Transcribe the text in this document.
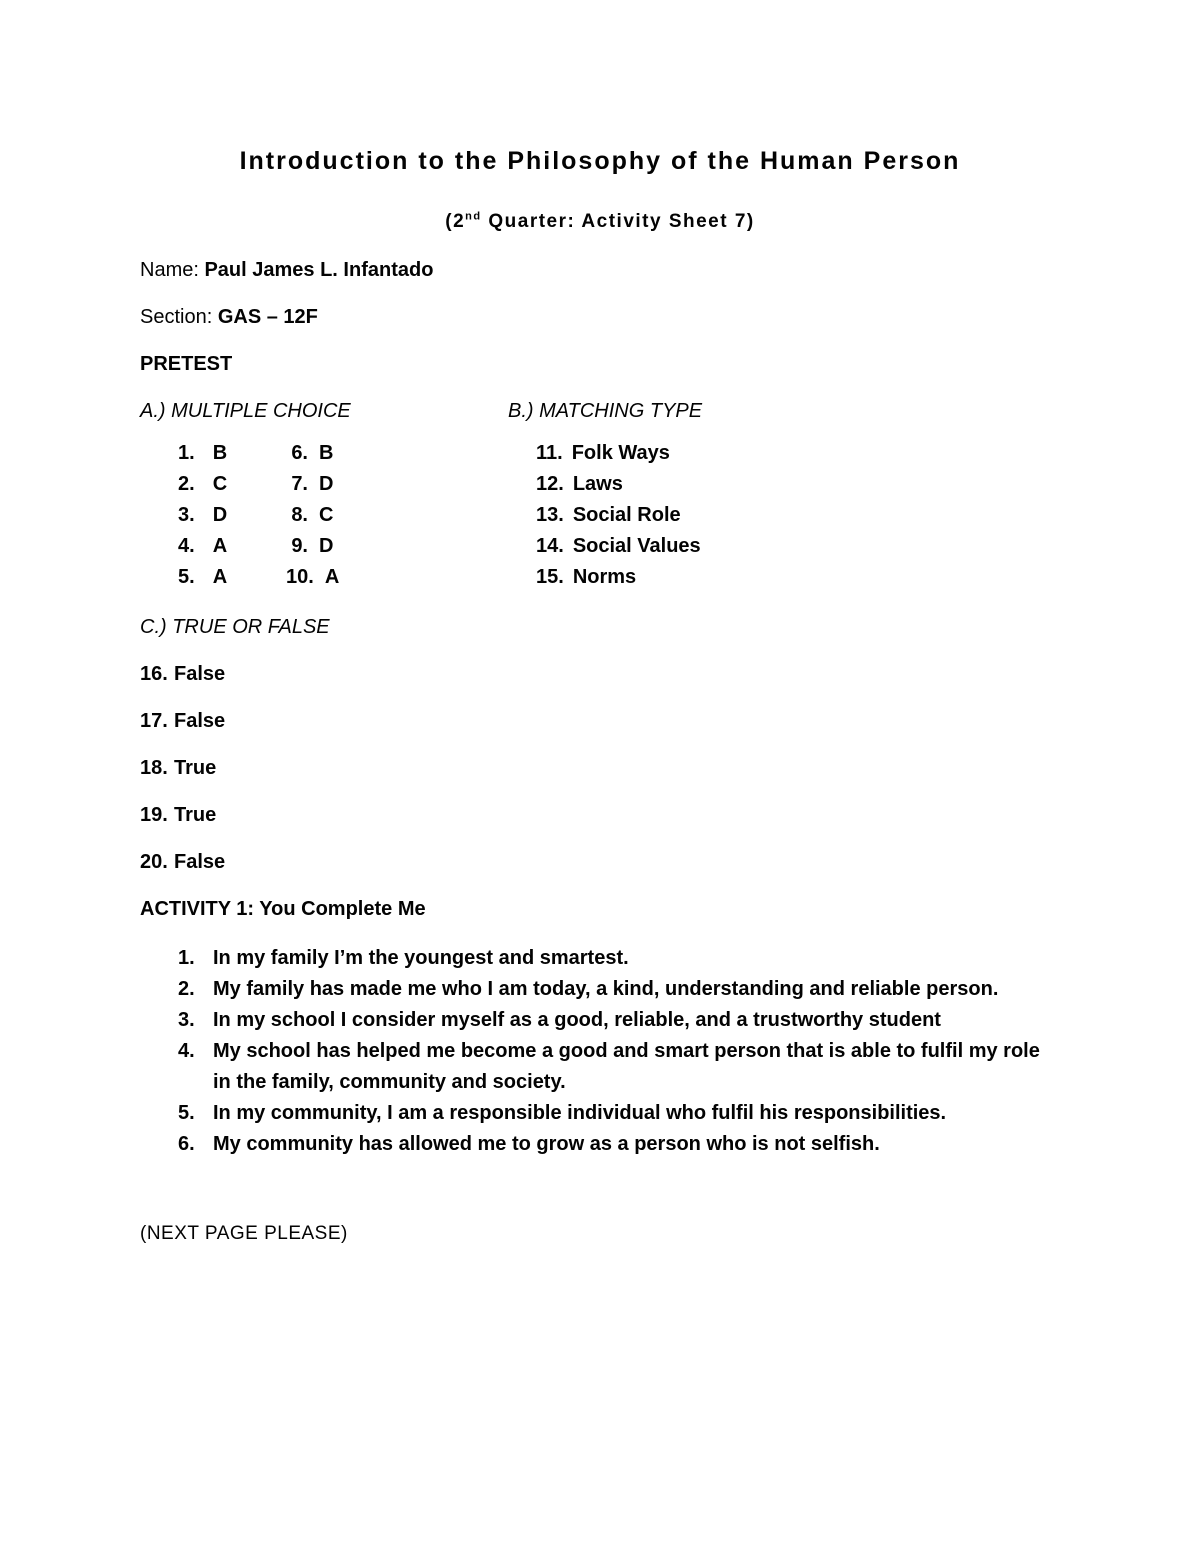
Introduction to the Philosophy of the Human Person
(2nd Quarter: Activity Sheet 7)

Name: Paul James L. Infantado

Section: GAS – 12F

PRETEST

A.) MULTIPLE CHOICE

1. B
2. C
3. D
4. A
5. A
6. B
7. D
8. C
9. D
10. A

B.) MATCHING TYPE

11. Folk Ways
12. Laws
13. Social Role
14. Social Values
15. Norms

C.) TRUE OR FALSE

16. False

17. False

18. True

19. True

20. False

ACTIVITY 1: You Complete Me

1. In my family I’m the youngest and smartest.
2. My family has made me who I am today, a kind, understanding and reliable person.
3. In my school I consider myself as a good, reliable, and a trustworthy student
4. My school has helped me become a good and smart person that is able to fulfil my role in the family, community and society.
5. In my community, I am a responsible individual who fulfil his responsibilities.
6. My community has allowed me to grow as a person who is not selfish.

(NEXT PAGE PLEASE)
